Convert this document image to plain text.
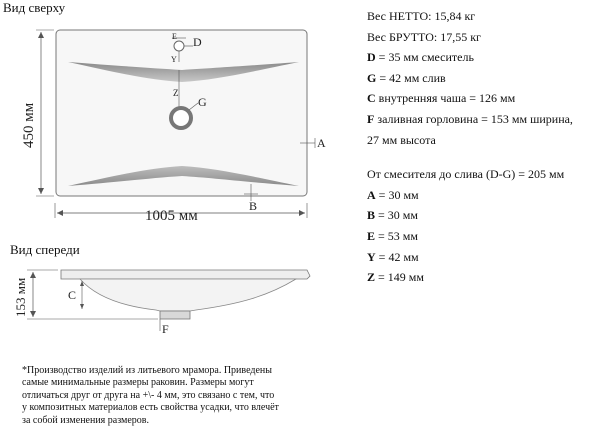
Вид сверху
Вид спереди
E D
Y
Z
G
A
B
1005 мм
450 мм
C
F
153 мм
Вес НЕТТО: 15,84 кг
Вес БРУТТО: 17,55 кг
D = 35 мм смеситель
G = 42 мм слив
C внутренняя чаша = 126 мм
F заливная горловина = 153 мм ширина,
27 мм высота
От смесителя до слива (D-G) = 205 мм
A = 30 мм
B = 30 мм
E = 53 мм
Y = 42 мм
Z = 149 мм
*Производство изделий из литьевого мрамора. Приведены
самые минимальные размеры раковин. Размеры могут
отличаться друг от друга на +\- 4 мм, это связано с тем, что
у композитных материалов есть свойства усадки, что влечёт
за собой изменения размеров.
